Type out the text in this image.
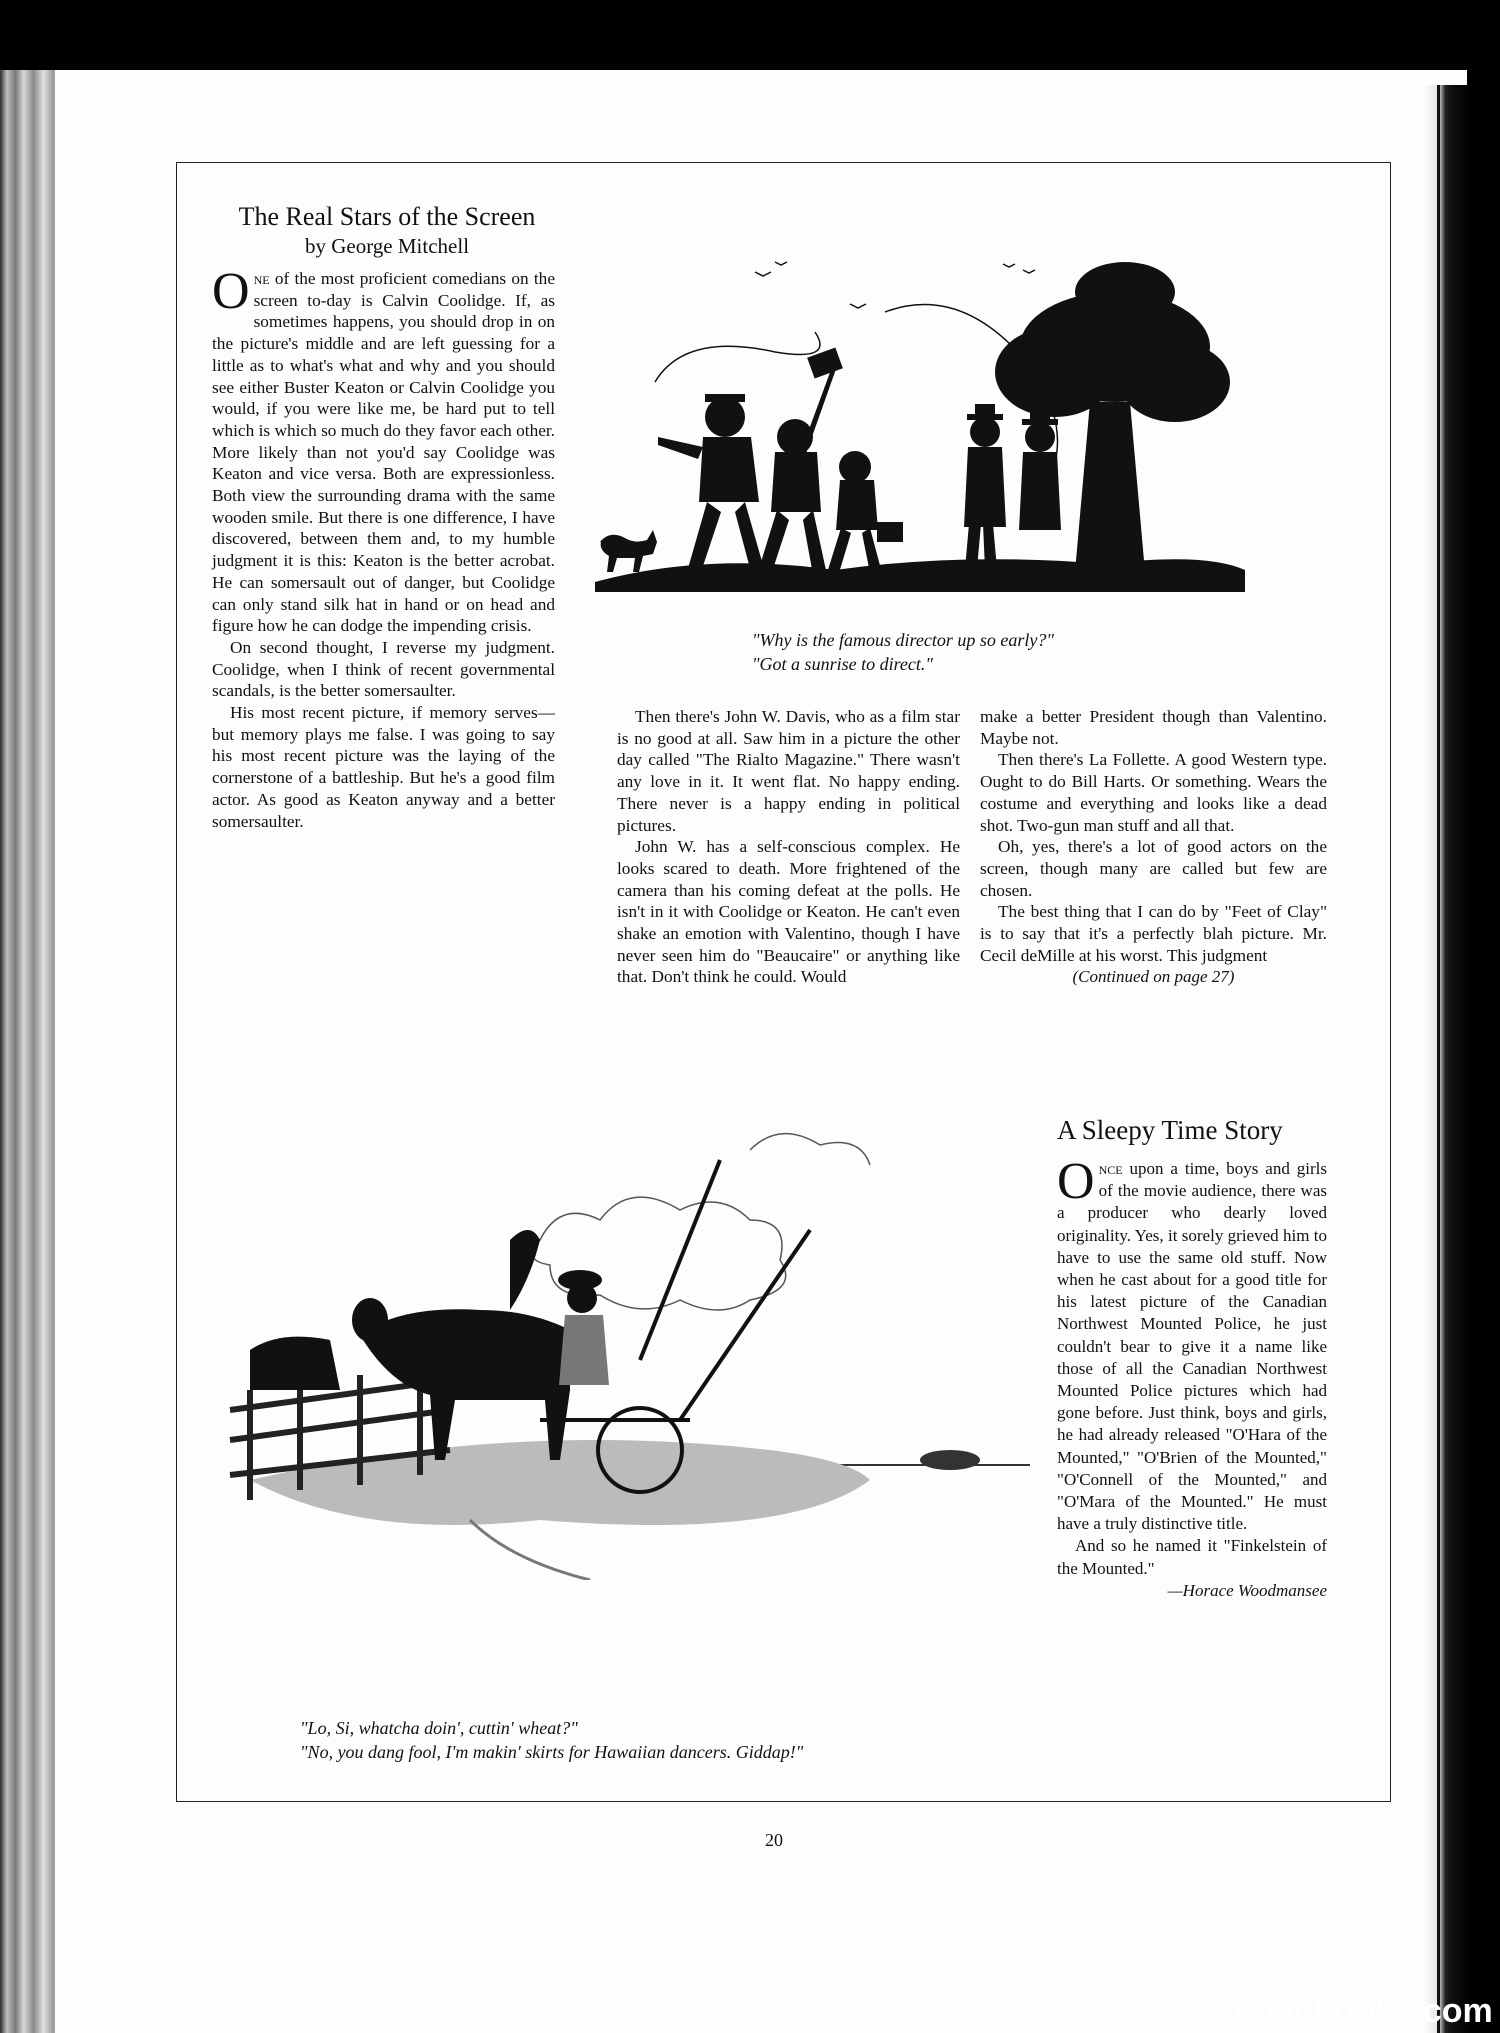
The Real Stars of the Screen
by George Mitchell

One of the most proficient comedians on the screen to-day is Calvin Coolidge. If, as sometimes happens, you should drop in on the picture's middle and are left guessing for a little as to what's what and why and you should see either Buster Keaton or Calvin Coolidge you would, if you were like me, be hard put to tell which is which so much do they favor each other. More likely than not you'd say Coolidge was Keaton and vice versa. Both are expressionless. Both view the surrounding drama with the same wooden smile. But there is one difference, I have discovered, between them and, to my humble judgment it is this: Keaton is the better acrobat. He can somersault out of danger, but Coolidge can only stand silk hat in hand or on head and figure how he can dodge the impending crisis.

On second thought, I reverse my judgment. Coolidge, when I think of recent governmental scandals, is the better somersaulter.

His most recent picture, if memory serves—but memory plays me false. I was going to say his most recent picture was the laying of the cornerstone of a battleship. But he's a good film actor. As good as Keaton anyway and a better somersaulter.

"Why is the famous director up so early?"
"Got a sunrise to direct."

Then there's John W. Davis, who as a film star is no good at all. Saw him in a picture the other day called "The Rialto Magazine." There wasn't any love in it. It went flat. No happy ending. There never is a happy ending in political pictures.

John W. has a self-conscious complex. He looks scared to death. More frightened of the camera than his coming defeat at the polls. He isn't in it with Coolidge or Keaton. He can't even shake an emotion with Valentino, though I have never seen him do "Beaucaire" or anything like that. Don't think he could. Would

make a better President though than Valentino. Maybe not.

Then there's La Follette. A good Western type. Ought to do Bill Harts. Or something. Wears the costume and everything and looks like a dead shot. Two-gun man stuff and all that.

Oh, yes, there's a lot of good actors on the screen, though many are called but few are chosen.

The best thing that I can do by "Feet of Clay" is to say that it's a perfectly blah picture. Mr. Cecil deMille at his worst. This judgment

(Continued on page 27)
"Lo, Si, whatcha doin', cuttin' wheat?"
"No, you dang fool, I'm makin' skirts for Hawaiian dancers. Giddap!"
A Sleepy Time Story

Once upon a time, boys and girls of the movie audience, there was a producer who dearly loved originality. Yes, it sorely grieved him to have to use the same old stuff. Now when he cast about for a good title for his latest picture of the Canadian Northwest Mounted Police, he just couldn't bear to give it a name like those of all the Canadian Northwest Mounted Police pictures which had gone before. Just think, boys and girls, he had already released "O'Hara of the Mounted," "O'Brien of the Mounted," "O'Connell of the Mounted," and "O'Mara of the Mounted." He must have a truly distinctive title.

And so he named it "Finkelstein of the Mounted."

—Horace Woodmansee
20
comicbooks.com
